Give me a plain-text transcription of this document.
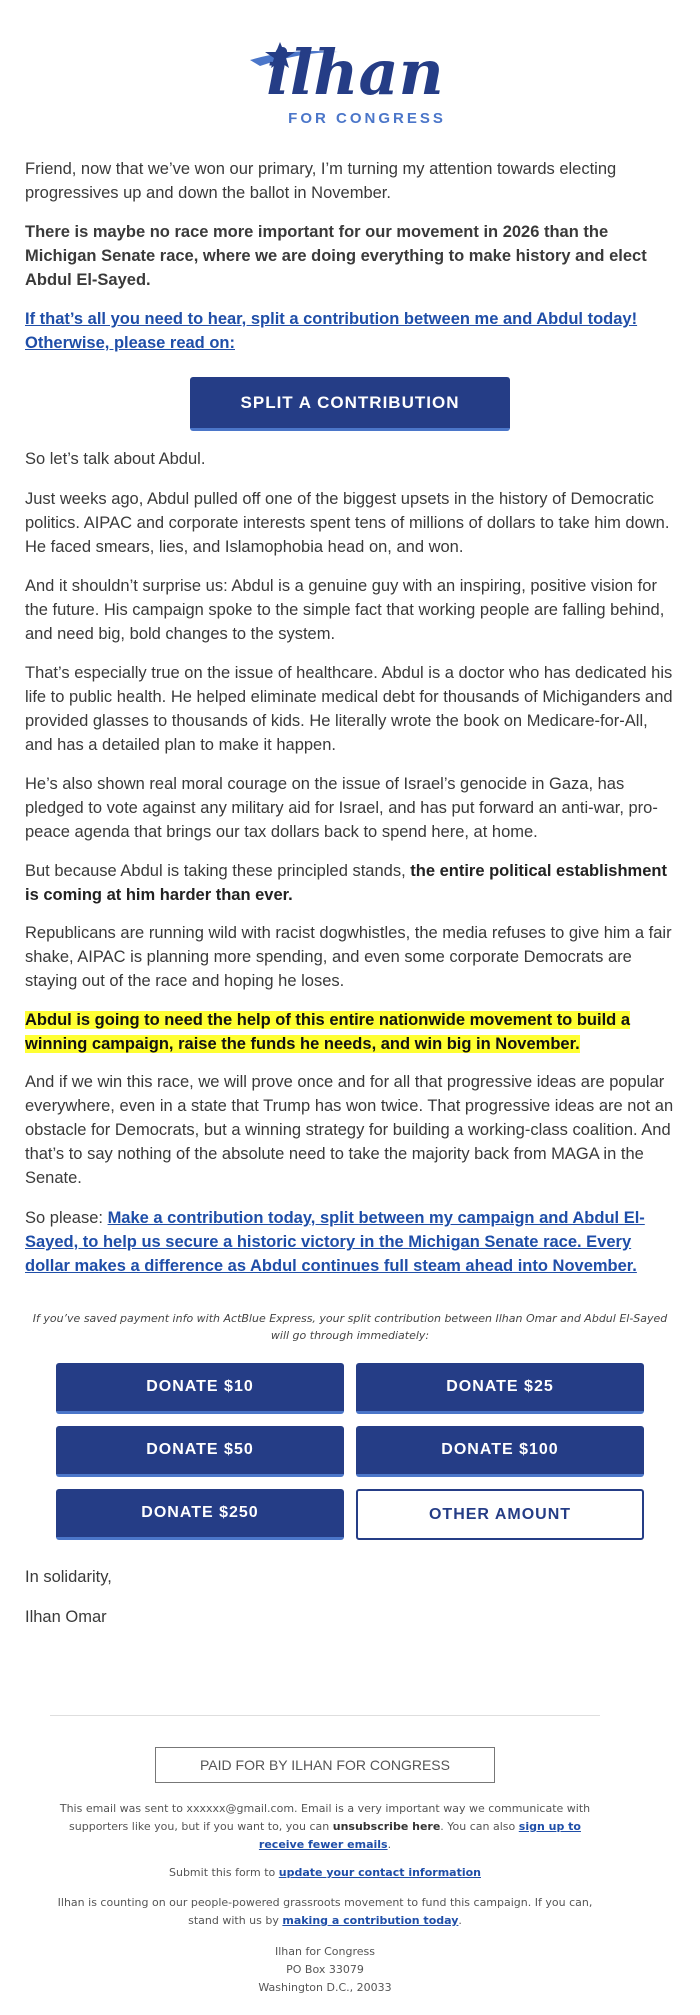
ilhan
FOR CONGRESS

Friend, now that we’ve won our primary, I’m turning my attention towards electing progressives up and down the ballot in November.

There is maybe no race more important for our movement in 2026 than the Michigan Senate race, where we are doing everything to make history and elect Abdul El-Sayed.

If that’s all you need to hear, split a contribution between me and Abdul today! Otherwise, please read on:

SPLIT A CONTRIBUTION

So let’s talk about Abdul.

Just weeks ago, Abdul pulled off one of the biggest upsets in the history of Democratic politics. AIPAC and corporate interests spent tens of millions of dollars to take him down. He faced smears, lies, and Islamophobia head on, and won.

And it shouldn’t surprise us: Abdul is a genuine guy with an inspiring, positive vision for the future. His campaign spoke to the simple fact that working people are falling behind, and need big, bold changes to the system.

That’s especially true on the issue of healthcare. Abdul is a doctor who has dedicated his life to public health. He helped eliminate medical debt for thousands of Michiganders and provided glasses to thousands of kids. He literally wrote the book on Medicare-for-All, and has a detailed plan to make it happen.

He’s also shown real moral courage on the issue of Israel’s genocide in Gaza, has pledged to vote against any military aid for Israel, and has put forward an anti-war, pro-peace agenda that brings our tax dollars back to spend here, at home.

But because Abdul is taking these principled stands, the entire political establishment is coming at him harder than ever.

Republicans are running wild with racist dogwhistles, the media refuses to give him a fair shake, AIPAC is planning more spending, and even some corporate Democrats are staying out of the race and hoping he loses.

Abdul is going to need the help of this entire nationwide movement to build a winning campaign, raise the funds he needs, and win big in November.

And if we win this race, we will prove once and for all that progressive ideas are popular everywhere, even in a state that Trump has won twice. That progressive ideas are not an obstacle for Democrats, but a winning strategy for building a working-class coalition. And that’s to say nothing of the absolute need to take the majority back from MAGA in the Senate.

So please: Make a contribution today, split between my campaign and Abdul El-Sayed, to help us secure a historic victory in the Michigan Senate race. Every dollar makes a difference as Abdul continues full steam ahead into November.

If you’ve saved payment info with ActBlue Express, your split contribution between Ilhan Omar and Abdul El-Sayed will go through immediately:
DONATE $10	DONATE $25
DONATE $50	DONATE $100
DONATE $250	OTHER AMOUNT

In solidarity,

Ilhan Omar

PAID FOR BY ILHAN FOR CONGRESS
This email was sent to xxxxxx@gmail.com. Email is a very important way we communicate with supporters like you, but if you want to, you can unsubscribe here. You can also sign up to receive fewer emails.
Submit this form to update your contact information
Ilhan is counting on our people-powered grassroots movement to fund this campaign. If you can, stand with us by making a contribution today.
Ilhan for Congress
PO Box 33079
Washington D.C., 20033
